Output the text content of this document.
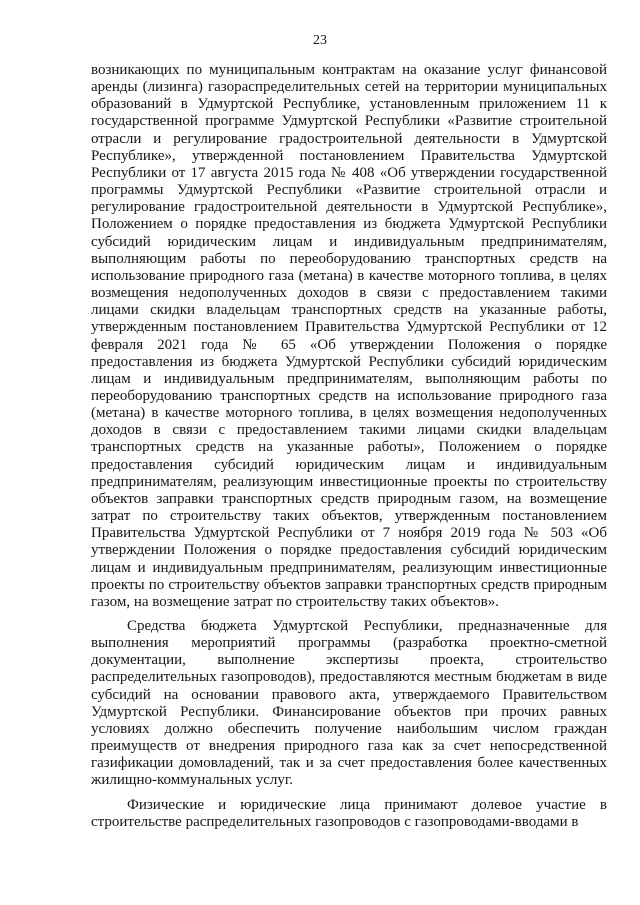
23

возникающих по муниципальным контрактам на оказание услуг финансовой аренды (лизинга) газораспределительных сетей на территории муниципальных образований в Удмуртской Республике, установленным приложением 11 к государственной программе Удмуртской Республики «Развитие строительной отрасли и регулирование градостроительной деятельности в Удмуртской Республике», утвержденной постановлением Правительства Удмуртской Республики от 17 августа 2015 года № 408 «Об утверждении государственной программы Удмуртской Республики «Развитие строительной отрасли и регулирование градостроительной деятельности в Удмуртской Республике», Положением о порядке предоставления из бюджета Удмуртской Республики субсидий юридическим лицам и индивидуальным предпринимателям, выполняющим работы по переоборудованию транспортных средств на использование природного газа (метана) в качестве моторного топлива, в целях возмещения недополученных доходов в связи с предоставлением такими лицами скидки владельцам транспортных средств на указанные работы, утвержденным постановлением Правительства Удмуртской Республики от 12 февраля 2021 года № 65 «Об утверждении Положения о порядке предоставления из бюджета Удмуртской Республики субсидий юридическим лицам и индивидуальным предпринимателям, выполняющим работы по переоборудованию транспортных средств на использование природного газа (метана) в качестве моторного топлива, в целях возмещения недополученных доходов в связи с предоставлением такими лицами скидки владельцам транспортных средств на указанные работы», Положением о порядке предоставления субсидий юридическим лицам и индивидуальным предпринимателям, реализующим инвестиционные проекты по строительству объектов заправки транспортных средств природным газом, на возмещение затрат по строительству таких объектов, утвержденным постановлением Правительства Удмуртской Республики от 7 ноября 2019 года № 503 «Об утверждении Положения о порядке предоставления субсидий юридическим лицам и индивидуальным предпринимателям, реализующим инвестиционные проекты по строительству объектов заправки транспортных средств природным газом, на возмещение затрат по строительству таких объектов».

Средства бюджета Удмуртской Республики, предназначенные для выполнения мероприятий программы (разработка проектно-сметной документации, выполнение экспертизы проекта, строительство распределительных газопроводов), предоставляются местным бюджетам в виде субсидий на основании правового акта, утверждаемого Правительством Удмуртской Республики. Финансирование объектов при прочих равных условиях должно обеспечить получение наибольшим числом граждан преимуществ от внедрения природного газа как за счет непосредственной газификации домовладений, так и за счет предоставления более качественных жилищно-коммунальных услуг.

Физические и юридические лица принимают долевое участие в строительстве распределительных газопроводов с газопроводами-вводами в
